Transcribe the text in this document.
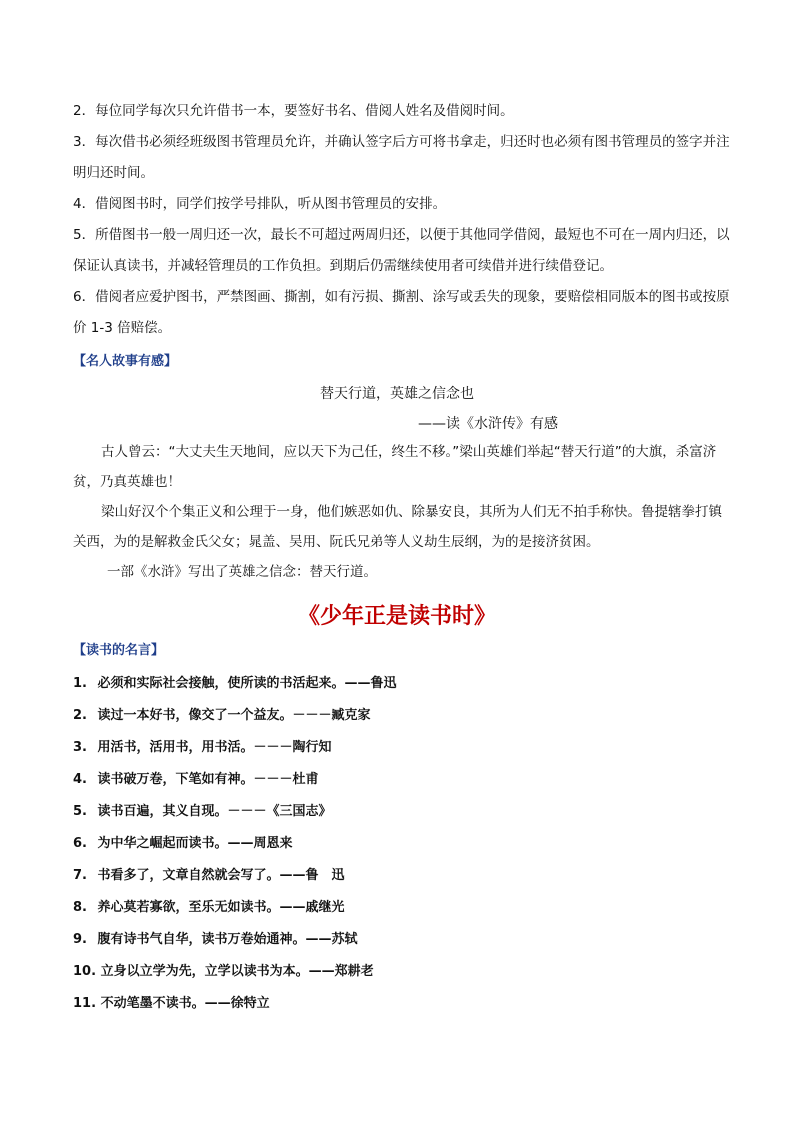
2．每位同学每次只允许借书一本，要签好书名、借阅人姓名及借阅时间。

3．每次借书必须经班级图书管理员允许，并确认签字后方可将书拿走，归还时也必须有图书管理员的签字并注明归还时间。

4．借阅图书时，同学们按学号排队，听从图书管理员的安排。

5．所借图书一般一周归还一次，最长不可超过两周归还，以便于其他同学借阅，最短也不可在一周内归还，以保证认真读书，并减轻管理员的工作负担。到期后仍需继续使用者可续借并进行续借登记。

6．借阅者应爱护图书，严禁图画、撕割，如有污损、撕割、涂写或丢失的现象，要赔偿相同版本的图书或按原价 1-3 倍赔偿。

【名人故事有感】
替天行道，英雄之信念也
——读《水浒传》有感

古人曾云：“大丈夫生天地间，应以天下为己任，终生不移。”梁山英雄们举起“替天行道”的大旗，杀富济贫，乃真英雄也！

梁山好汉个个集正义和公理于一身，他们嫉恶如仇、除暴安良，其所为人们无不拍手称快。鲁提辖拳打镇关西，为的是解救金氏父女；晁盖、吴用、阮氏兄弟等人义劫生辰纲，为的是接济贫困。

一部《水浒》写出了英雄之信念：替天行道。

《少年正是读书时》
【读书的名言】
1. 必须和实际社会接触，使所读的书活起来。——鲁迅
2. 读过一本好书，像交了一个益友。－－－臧克家
3. 用活书，活用书，用书活。－－－陶行知
4. 读书破万卷，下笔如有神。－－－杜甫
5. 读书百遍，其义自现。－－－《三国志》
6. 为中华之崛起而读书。——周恩来
7. 书看多了，文章自然就会写了。——鲁　迅
8. 养心莫若寡欲，至乐无如读书。——戚继光
9. 腹有诗书气自华，读书万卷始通神。——苏轼
10. 立身以立学为先，立学以读书为本。——郑耕老
11. 不动笔墨不读书。——徐特立
